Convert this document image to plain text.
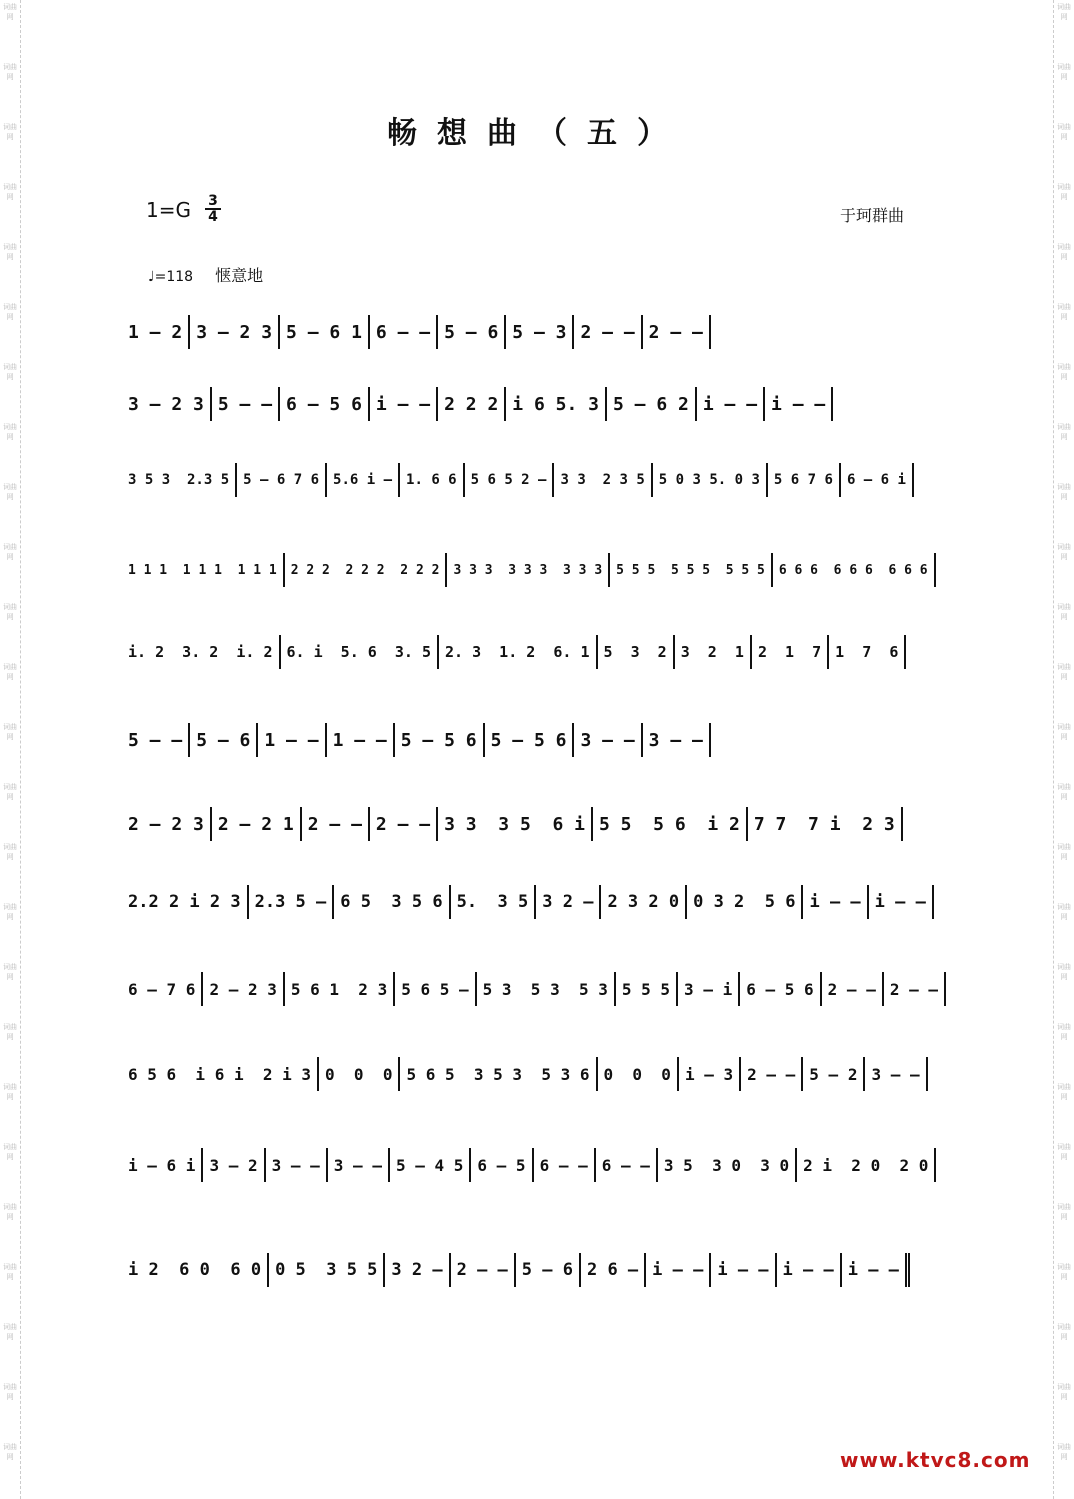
词曲网
词曲网
词曲网
词曲网
词曲网
词曲网
词曲网
词曲网
词曲网
词曲网
词曲网
词曲网
词曲网
词曲网
词曲网
词曲网
词曲网
词曲网
词曲网
词曲网
词曲网
词曲网
词曲网
词曲网
词曲网
词曲网
词曲网
词曲网
词曲网
词曲网
词曲网
词曲网
词曲网
词曲网
词曲网
词曲网
词曲网
词曲网
词曲网
词曲网
词曲网
词曲网
词曲网
词曲网
词曲网
词曲网
词曲网
词曲网
词曲网
词曲网
畅想曲（五）
$1=G \frac{3}{4}$	于珂群曲
♩=118 惬意地
1 – 2 3 – 2 3 5 – 6 1 6 – – 5 – 6 5 – 3 2 – – 2 – –
3 – 2 3 5 – – 6 – 5 6 i – – 2 2 2 i 6 5. 3 5 – 6 2 i – – i – –
3 5 3  2.3 5	5 – 6 7 6	5.6 i –	1. 6 6	5 6 5 2 –	3 3  2 3 5	5 0 3 5. 0 3	5 6 7 6	6 – 6 i
1 1 1  1 1 1  1 1 1	2 2 2  2 2 2  2 2 2	3 3 3  3 3 3  3 3 3	5 5 5  5 5 5  5 5 5	6 6 6  6 6 6  6 6 6
i. 2  3. 2  i. 2 6. i  5. 6  3. 5 2. 3  1. 2  6. 1 5  3  2 3  2  1 2  1  7 1  7  6
5 – – 5 – 6 1 – – 1 – – 5 – 5 6 5 – 5 6 3 – – 3 – –
2 – 2 3 2 – 2 1 2 – – 2 – – 3 3  3 5  6 i 5 5  5 6  i 2 7 7  7 i  2 3
2.2 2 i 2 3 2.3 5 – 6 5  3 5 6 5.  3 5 3 2 – 2 3 2 0 0 3 2  5 6 i – – i – –
6 – 7 6 2 – 2 3 5 6 1  2 3 5 6 5 – 5 3  5 3  5 3 5 5 5 3 – i 6 – 5 6 2 – – 2 – –
6 5 6  i 6 i  2 i 3 0  0  0 5 6 5  3 5 3  5 3 6 0  0  0 i – 3 2 – – 5 – 2 3 – –
i – 6 i 3 – 2 3 – – 3 – – 5 – 4 5 6 – 5 6 – – 6 – – 3 5  3 0  3 0 2 i  2 0  2 0
i 2  6 0  6 0 0 5  3 5 5 3 2 – 2 – – 5 – 6 2 6 – i – – i – – i – – i – –
www.ktvc8.com
